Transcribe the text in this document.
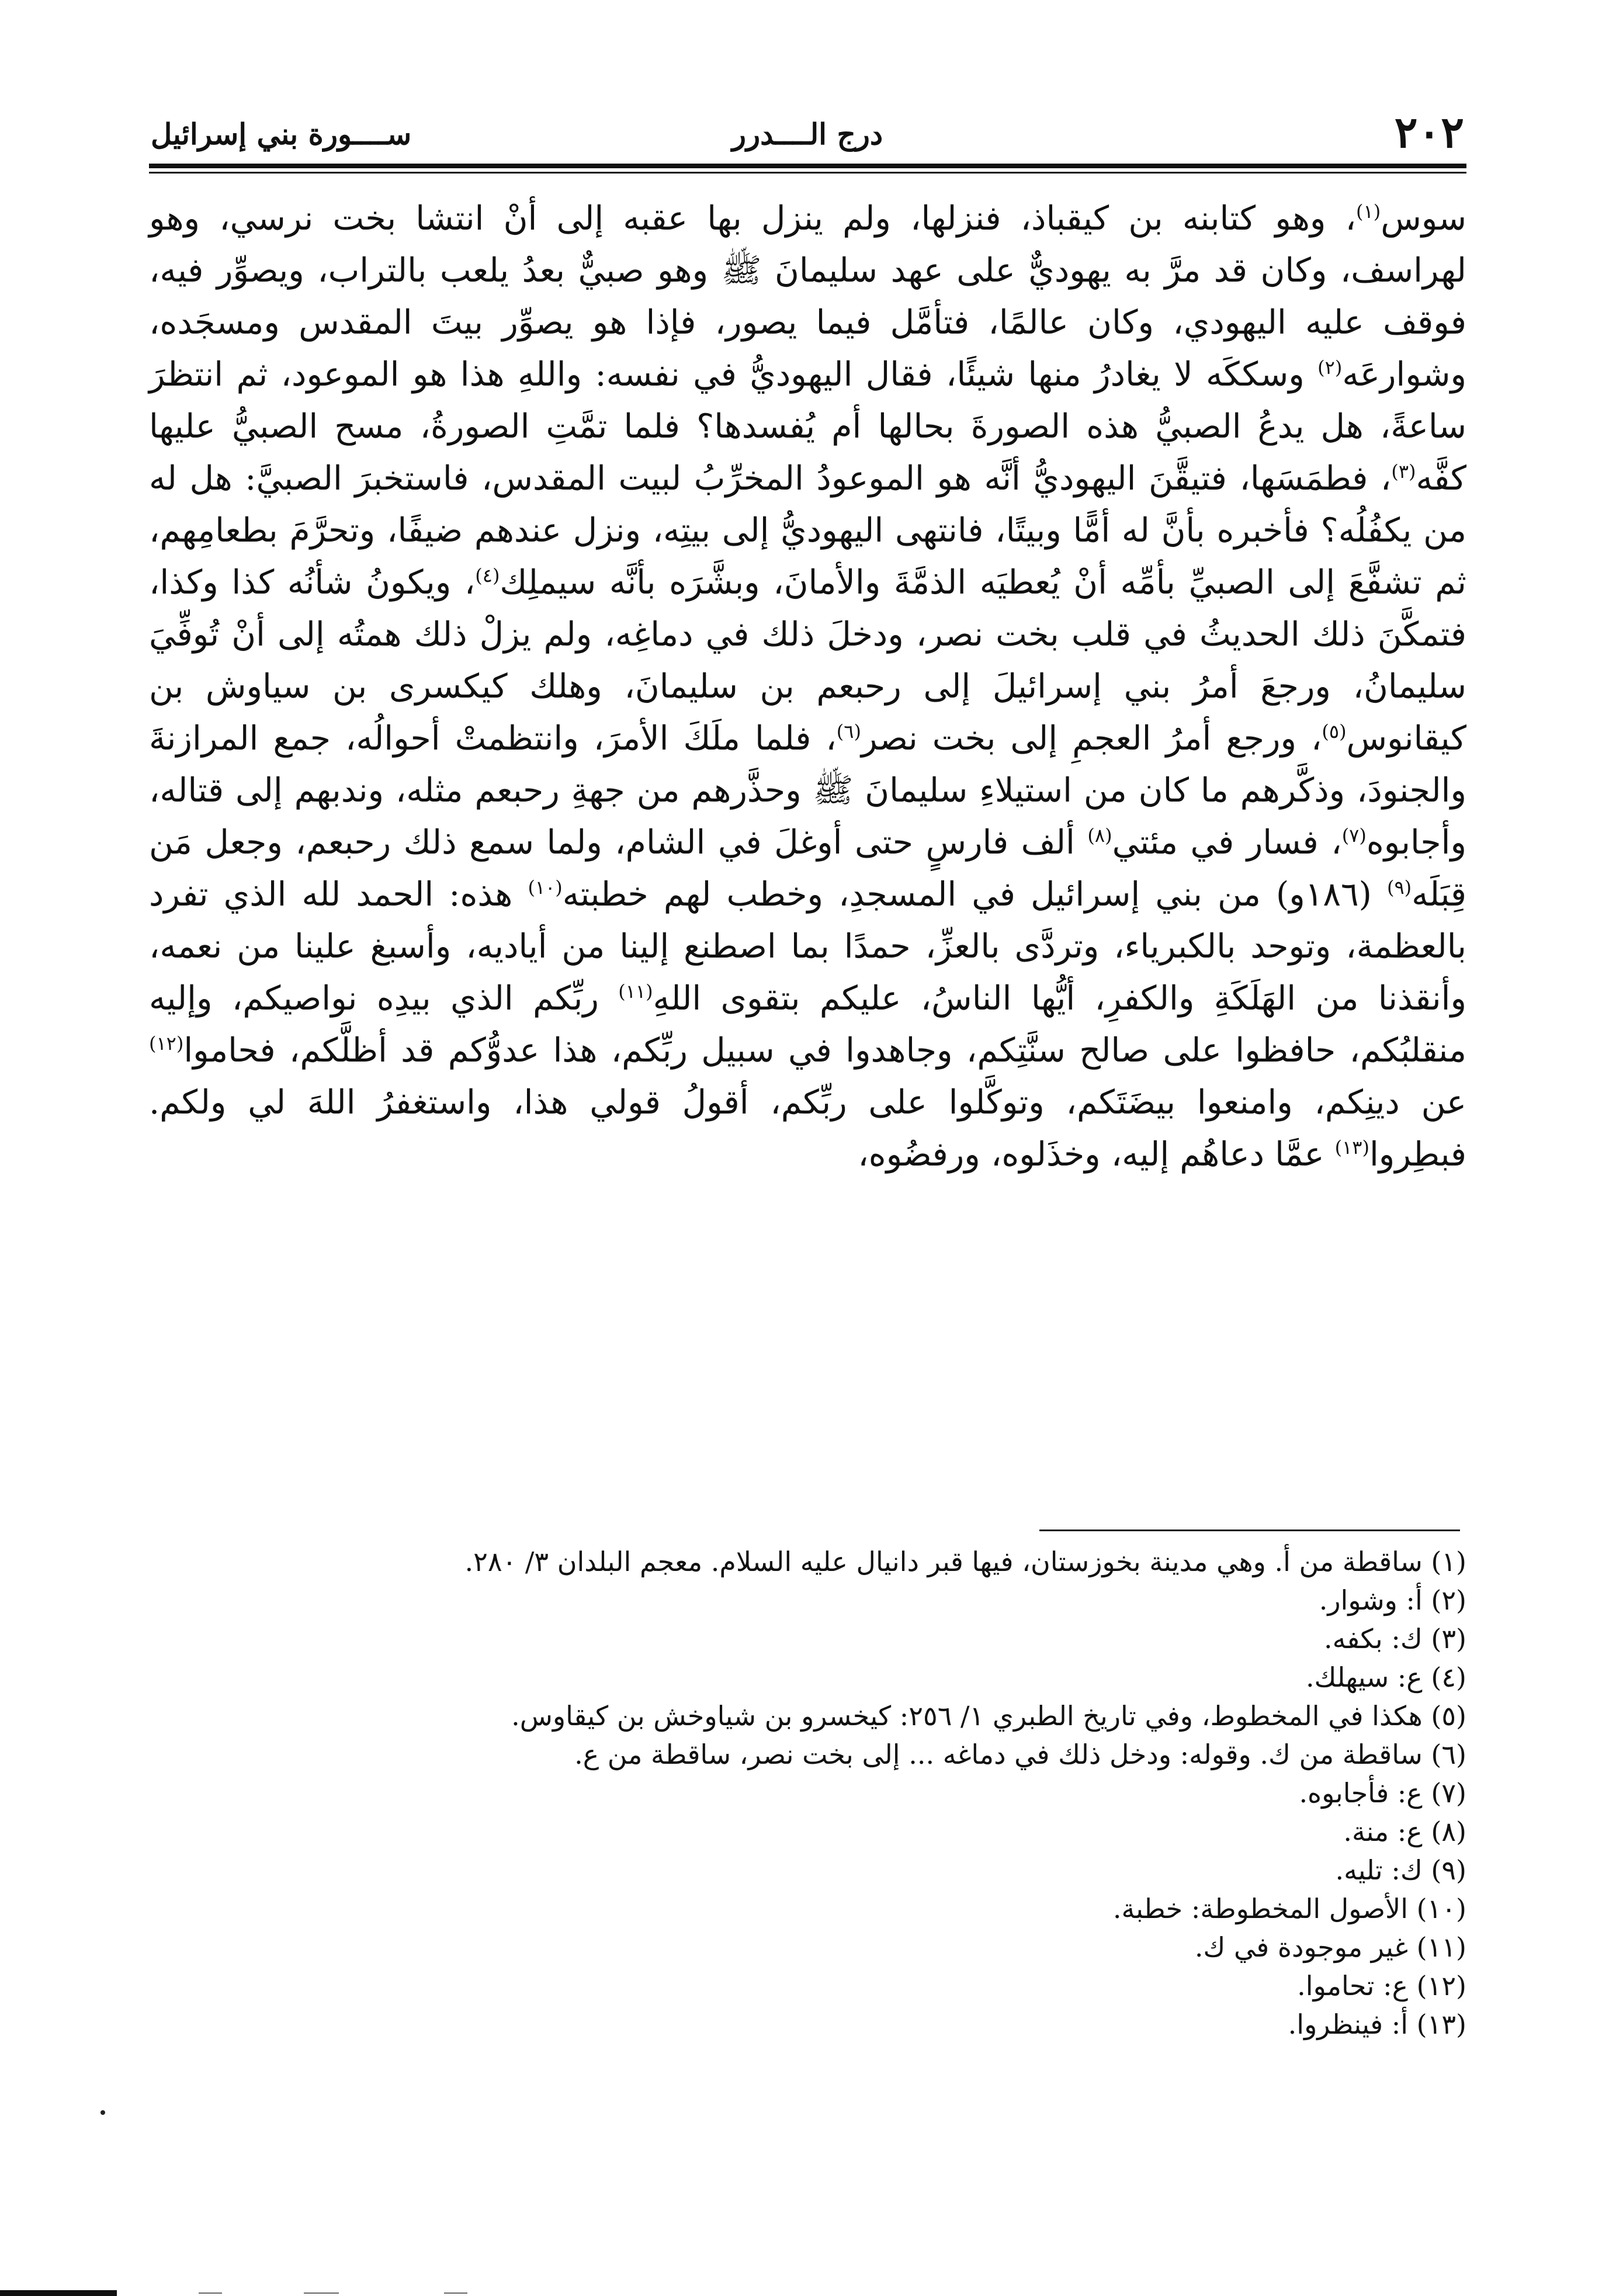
٢٠٢
درج الــــدرر
ســــورة بني إسرائيل

سوس$^{(١)}$، وهو كتابنه بن كيقباذ، فنزلها، ولم ينزل بها عقبه إلى أنْ انتشا بخت نرسي، وهو لهراسف، وكان قد مرَّ به يهوديٌّ على عهد سليمانَ ﷺ وهو صبيٌّ بعدُ يلعب بالتراب، ويصوِّر فيه، فوقف عليه اليهودي، وكان عالمًا، فتأمَّل فيما يصور، فإذا هو يصوِّر بيتَ المقدس ومسجَده، وشوارعَه$^{(٢)}$ وسككَه لا يغادرُ منها شيئًا، فقال اليهوديُّ في نفسه: واللهِ هذا هو الموعود، ثم انتظرَ ساعةً، هل يدعُ الصبيُّ هذه الصورةَ بحالها أم يُفسدها؟ فلما تمَّتِ الصورةُ، مسح الصبيُّ عليها كفَّه$^{(٣)}$، فطمَسَها، فتيقَّنَ اليهوديُّ أنَّه هو الموعودُ المخرِّبُ لبيت المقدس، فاستخبرَ الصبيَّ: هل له من يكفُلُه؟ فأخبره بأنَّ له أمًّا وبيتًا، فانتهى اليهوديُّ إلى بيتِه، ونزل عندهم ضيفًا، وتحرَّمَ بطعامِهم، ثم تشفَّعَ إلى الصبيِّ بأمِّه أنْ يُعطيَه الذمَّةَ والأمانَ، وبشَّرَه بأنَّه سيملِك$^{(٤)}$، ويكونُ شأنُه كذا وكذا، فتمكَّنَ ذلك الحديثُ في قلب بخت نصر، ودخلَ ذلك في دماغِه، ولم يزلْ ذلك همتُه إلى أنْ تُوفِّيَ سليمانُ، ورجعَ أمرُ بني إسرائيلَ إلى رحبعم بن سليمانَ، وهلك كيكسرى بن سياوش بن كيقانوس$^{(٥)}$، ورجع أمرُ العجمِ إلى بخت نصر$^{(٦)}$، فلما ملَكَ الأمرَ، وانتظمتْ أحوالُه، جمع المرازنةَ والجنودَ، وذكَّرهم ما كان من استيلاءِ سليمانَ ﷺ وحذَّرهم من جهةِ رحبعم مثله، وندبهم إلى قتاله، وأجابوه$^{(٧)}$، فسار في مئتي$^{(٨)}$ ألف فارسٍ حتى أوغلَ في الشام، ولما سمع ذلك رحبعم، وجعل مَن قِبَلَه$^{(٩)}$ (١٨٦و) من بني إسرائيل في المسجدِ، وخطب لهم خطبته$^{(١٠)}$ هذه: الحمد لله الذي تفرد بالعظمة، وتوحد بالكبرياء، وتردَّى بالعزِّ، حمدًا بما اصطنع إلينا من أياديه، وأسبغ علينا من نعمه، وأنقذنا من الهَلَكَةِ والكفرِ، أيُّها الناسُ، عليكم بتقوى اللهِ$^{(١١)}$ ربِّكم الذي بيدِه نواصيكم، وإليه منقلبُكم، حافظوا على صالح سنَّتِكم، وجاهدوا في سبيل ربِّكم، هذا عدوُّكم قد أظلَّكم، فحاموا$^{(١٢)}$ عن دينِكم، وامنعوا بيضَتَكم، وتوكَّلوا على ربِّكم، أقولُ قولي هذا، واستغفرُ اللهَ لي ولكم. فبطِروا$^{(١٣)}$ عمَّا دعاهُم إليه، وخذَلوه، ورفضُوه،

(١) ساقطة من أ. وهي مدينة بخوزستان، فيها قبر دانيال عليه السلام. معجم البلدان ٣/ ٢٨٠.
(٢) أ: وشوار.
(٣) ك: بكفه.
(٤) ع: سيهلك.
(٥) هكذا في المخطوط، وفي تاريخ الطبري ١/ ٢٥٦: كيخسرو بن شياوخش بن كيقاوس.
(٦) ساقطة من ك. وقوله: ودخل ذلك في دماغه ... إلى بخت نصر، ساقطة من ع.
(٧) ع: فأجابوه.
(٨) ع: منة.
(٩) ك: تليه.
(١٠) الأصول المخطوطة: خطبة.
(١١) غير موجودة في ك.
(١٢) ع: تحاموا.
(١٣) أ: فينظروا.
